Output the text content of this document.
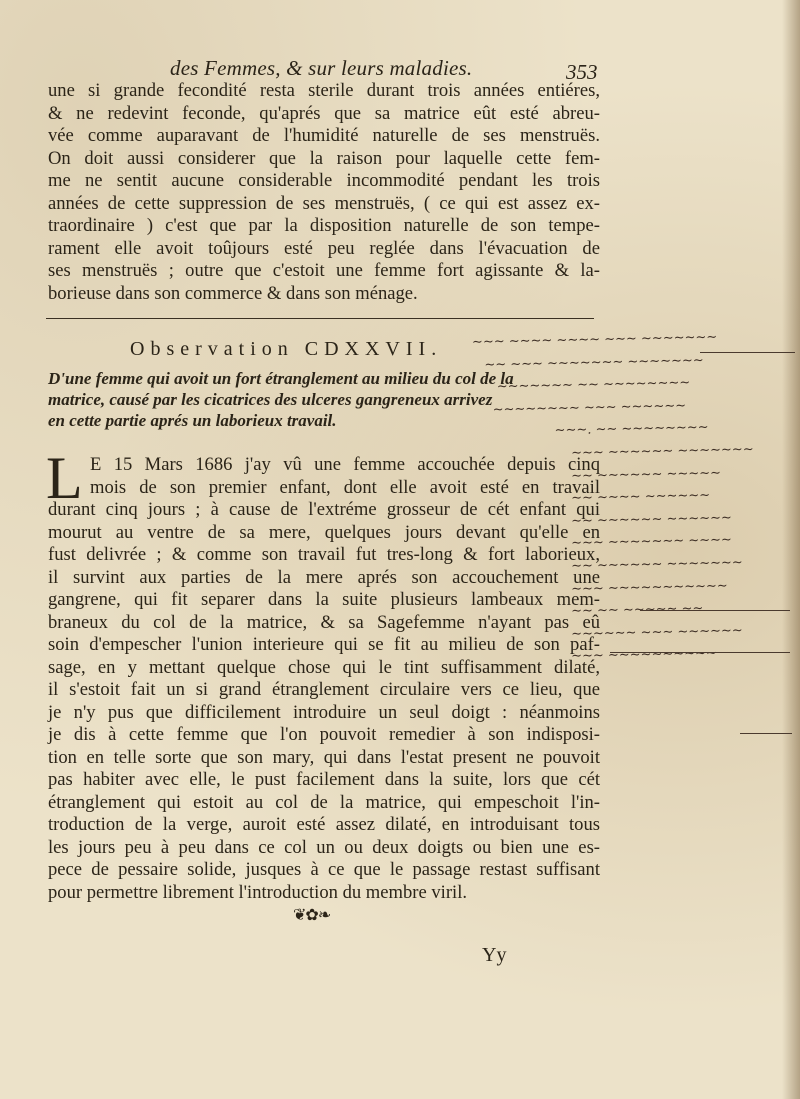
des Femmes, & sur leurs maladies.	353
une si grande fecondité resta sterile durant trois années entiéres,
& ne redevint feconde, qu'aprés que sa matrice eût esté abreu-
vée comme auparavant de l'humidité naturelle de ses menstruës.
On doit aussi considerer que la raison pour laquelle cette fem-
me ne sentit aucune considerable incommodité pendant les trois
années de cette suppression de ses menstruës, ( ce qui est assez ex-
traordinaire ) c'est que par la disposition naturelle de son tempe-
rament elle avoit toûjours esté peu reglée dans l'évacuation de
ses menstruës ; outre que c'estoit une femme fort agissante & la-
borieuse dans son commerce & dans son ménage.
Observation CDXXVII.
D'une femme qui avoit un fort étranglement au milieu du col de la
matrice, causé par les cicatrices des ulceres gangreneux arrivez
en cette partie aprés un laborieux travail.
L E 15 Mars 1686 j'ay vû une femme accouchée depuis cinq
mois de son premier enfant, dont elle avoit esté en travail
durant cinq jours ; à cause de l'extréme grosseur de cét enfant qui
mourut au ventre de sa mere, quelques jours devant qu'elle en
fust delivrée ; & comme son travail fut tres-long & fort laborieux,
il survint aux parties de la mere aprés son accouchement une
gangrene, qui fit separer dans la suite plusieurs lambeaux mem-
braneux du col de la matrice, & sa Sagefemme n'ayant pas eû
soin d'empescher l'union interieure qui se fit au milieu de son paf-
sage, en y mettant quelque chose qui le tint suffisamment dilaté,
il s'estoit fait un si grand étranglement circulaire vers ce lieu, que
je n'y pus que difficilement introduire un seul doigt : néanmoins
je dis à cette femme que l'on pouvoit remedier à son indisposi-
tion en telle sorte que son mary, qui dans l'estat present ne pouvoit
pas habiter avec elle, le pust facilement dans la suite, lors que cét
étranglement qui estoit au col de la matrice, qui empeschoit l'in-
troduction de la verge, auroit esté assez dilaté, en introduisant tous
les jours peu à peu dans ce col un ou deux doigts ou bien une es-
pece de pessaire solide, jusques à ce que le passage restast suffisant
pour permettre librement l'introduction du membre viril.
~~~ ~~~~ ~~~~ ~~~ ~~~~~~~
~~ ~~~ ~~~~~~~ ~~~~~~~
~~~~~~~ ~~ ~~~~~~~~
~~~~~~~~ ~~~ ~~~~~~
~~~. ~~ ~~~~~~~~
~~~ ~~~~~~ ~~~~~~~
~~ ~~~~~~ ~~~~~
~~ ~~~~ ~~~~~~
~~ ~~~~~~ ~~~~~~
~~~ ~~~~~~~ ~~~~
~~ ~~~~~~ ~~~~~~~
~~~ ~~~~~~~~~~~
~~ ~~ ~~~~~ ~~
~~~~~~ ~~~ ~~~~~~
~~~ ~~~~~~~~~~
❦✿❧
Yy
